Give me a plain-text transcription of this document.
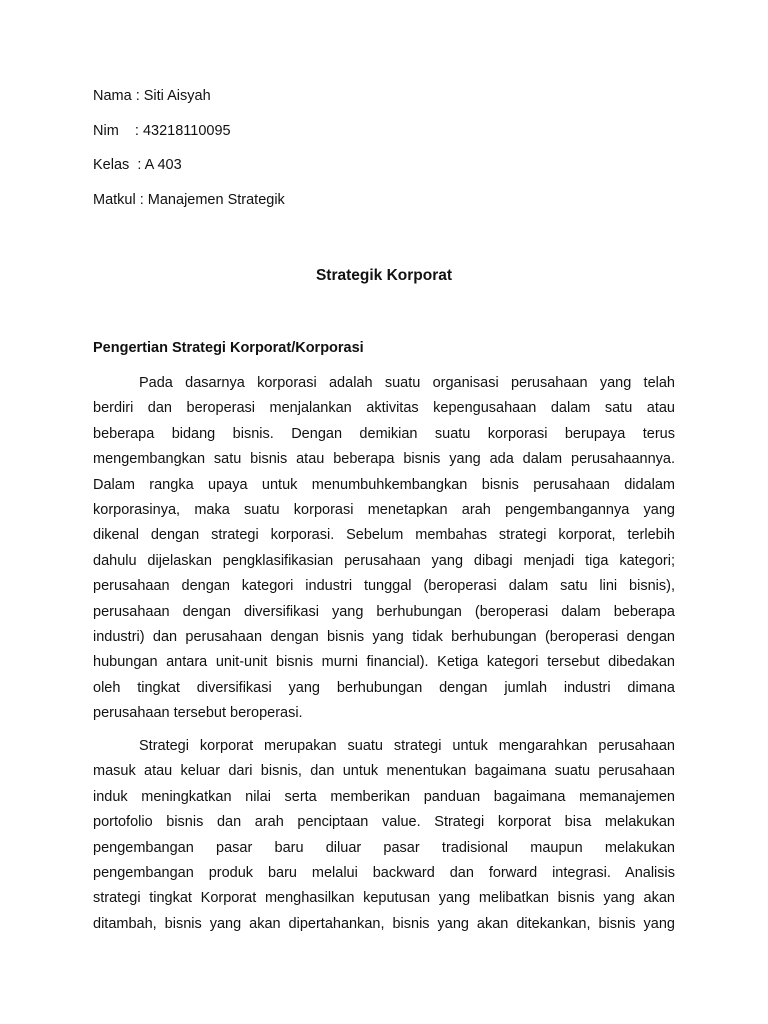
Nama : Siti Aisyah
Nim    : 43218110095
Kelas  : A 403
Matkul : Manajemen Strategik
Strategik Korporat
Pengertian Strategi Korporat/Korporasi
Pada dasarnya korporasi adalah suatu organisasi perusahaan yang telah
berdiri dan beroperasi menjalankan aktivitas kepengusahaan dalam satu atau
beberapa bidang bisnis. Dengan demikian suatu korporasi berupaya terus
mengembangkan satu bisnis atau beberapa bisnis yang ada dalam perusahaannya.
Dalam rangka upaya untuk menumbuhkembangkan bisnis perusahaan didalam
korporasinya, maka suatu korporasi menetapkan arah pengembangannya yang
dikenal dengan strategi korporasi. Sebelum membahas strategi korporat, terlebih
dahulu dijelaskan pengklasifikasian perusahaan yang dibagi menjadi tiga kategori;
perusahaan dengan kategori industri tunggal (beroperasi dalam satu lini bisnis),
perusahaan dengan diversifikasi yang berhubungan (beroperasi dalam beberapa
industri) dan perusahaan dengan bisnis yang tidak berhubungan (beroperasi dengan
hubungan antara unit-unit bisnis murni financial). Ketiga kategori tersebut dibedakan
oleh tingkat diversifikasi yang berhubungan dengan jumlah industri dimana
perusahaan tersebut beroperasi.
Strategi korporat merupakan suatu strategi untuk mengarahkan perusahaan
masuk atau keluar dari bisnis, dan untuk menentukan bagaimana suatu perusahaan
induk meningkatkan nilai serta memberikan panduan bagaimana memanajemen
portofolio bisnis dan arah penciptaan value. Strategi korporat bisa melakukan
pengembangan pasar baru diluar pasar tradisional maupun melakukan
pengembangan produk baru melalui backward dan forward integrasi. Analisis
strategi tingkat Korporat menghasilkan keputusan yang melibatkan bisnis yang akan
ditambah, bisnis yang akan dipertahankan, bisnis yang akan ditekankan, bisnis yang
